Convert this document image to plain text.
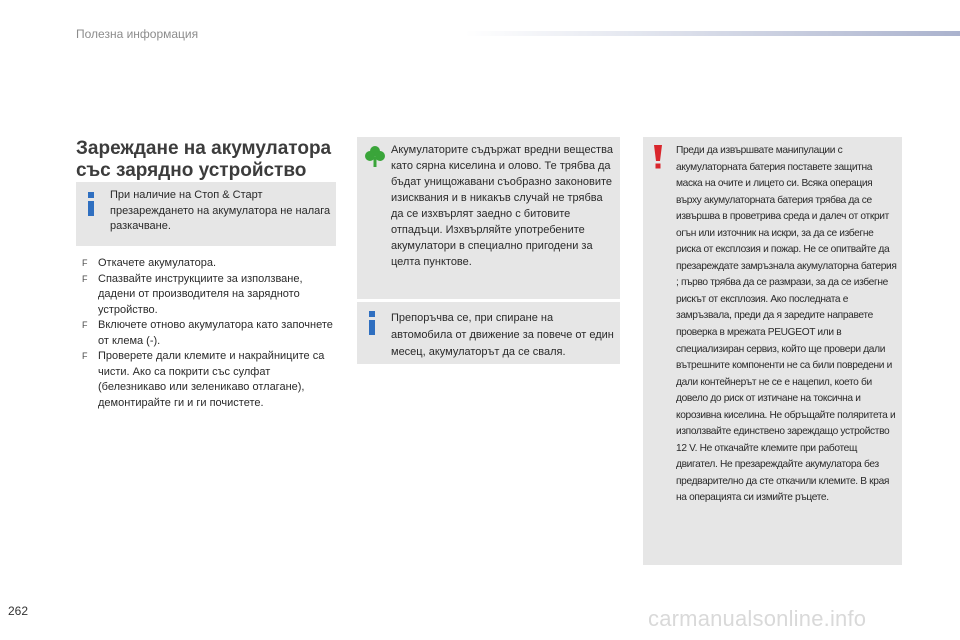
Полезна информация
Зареждане на акумулатора със зарядно устройство
При наличие на Стоп & Старт презареждането на акумулатора не налага разкачване.
F Откачете акумулатора.
F Спазвайте инструкциите за използване, дадени от производителя на зарядното устройство.
F Включете отново акумулатора като започнете от клема (-).
F Проверете дали клемите и накрайниците са чисти. Ако са покрити със сулфат (белезникаво или зеленикаво отлагане), демонтирайте ги и ги почистете.
Акумулаторите съдържат вредни вещества като сярна киселина и олово. Те трябва да бъдат унищожавани съобразно законовите изисквания и в никакъв случай не трябва да се изхвърлят заедно с битовите отпадъци. Изхвърляйте употребените акумулатори в специално пригодени за целта пунктове.
Препоръчва се, при спиране на автомобила от движение за повече от един месец, акумулаторът да се сваля.
Преди да извършвате манипулации с акумулаторната батерия поставете защитна маска на очите и лицето си. Всяка операция върху акумулаторната батерия трябва да се извършва в проветрива среда и далеч от открит огън или източник на искри, за да се избегне риска от експлозия и пожар. Не се опитвайте да презареждате замръзнала акумулаторна батерия ; първо трябва да се размрази, за да се избегне рискът от експлозия. Ако последната е замръзвала, преди да я заредите направете проверка в мрежата PEUGEOT или в специализиран сервиз, който ще провери дали вътрешните компоненти не са били повредени и дали контейнерът не се е нацепил, което би довело до риск от изтичане на токсична и корозивна киселина. Не обръщайте поляритета и използвайте единствено зареждащо устройство 12 V. Не откачайте клемите при работещ двигател. Не презареждайте акумулатора без предварително да сте откачили клемите. В края на операцията си измийте ръцете.
262	carmanualsonline.info
